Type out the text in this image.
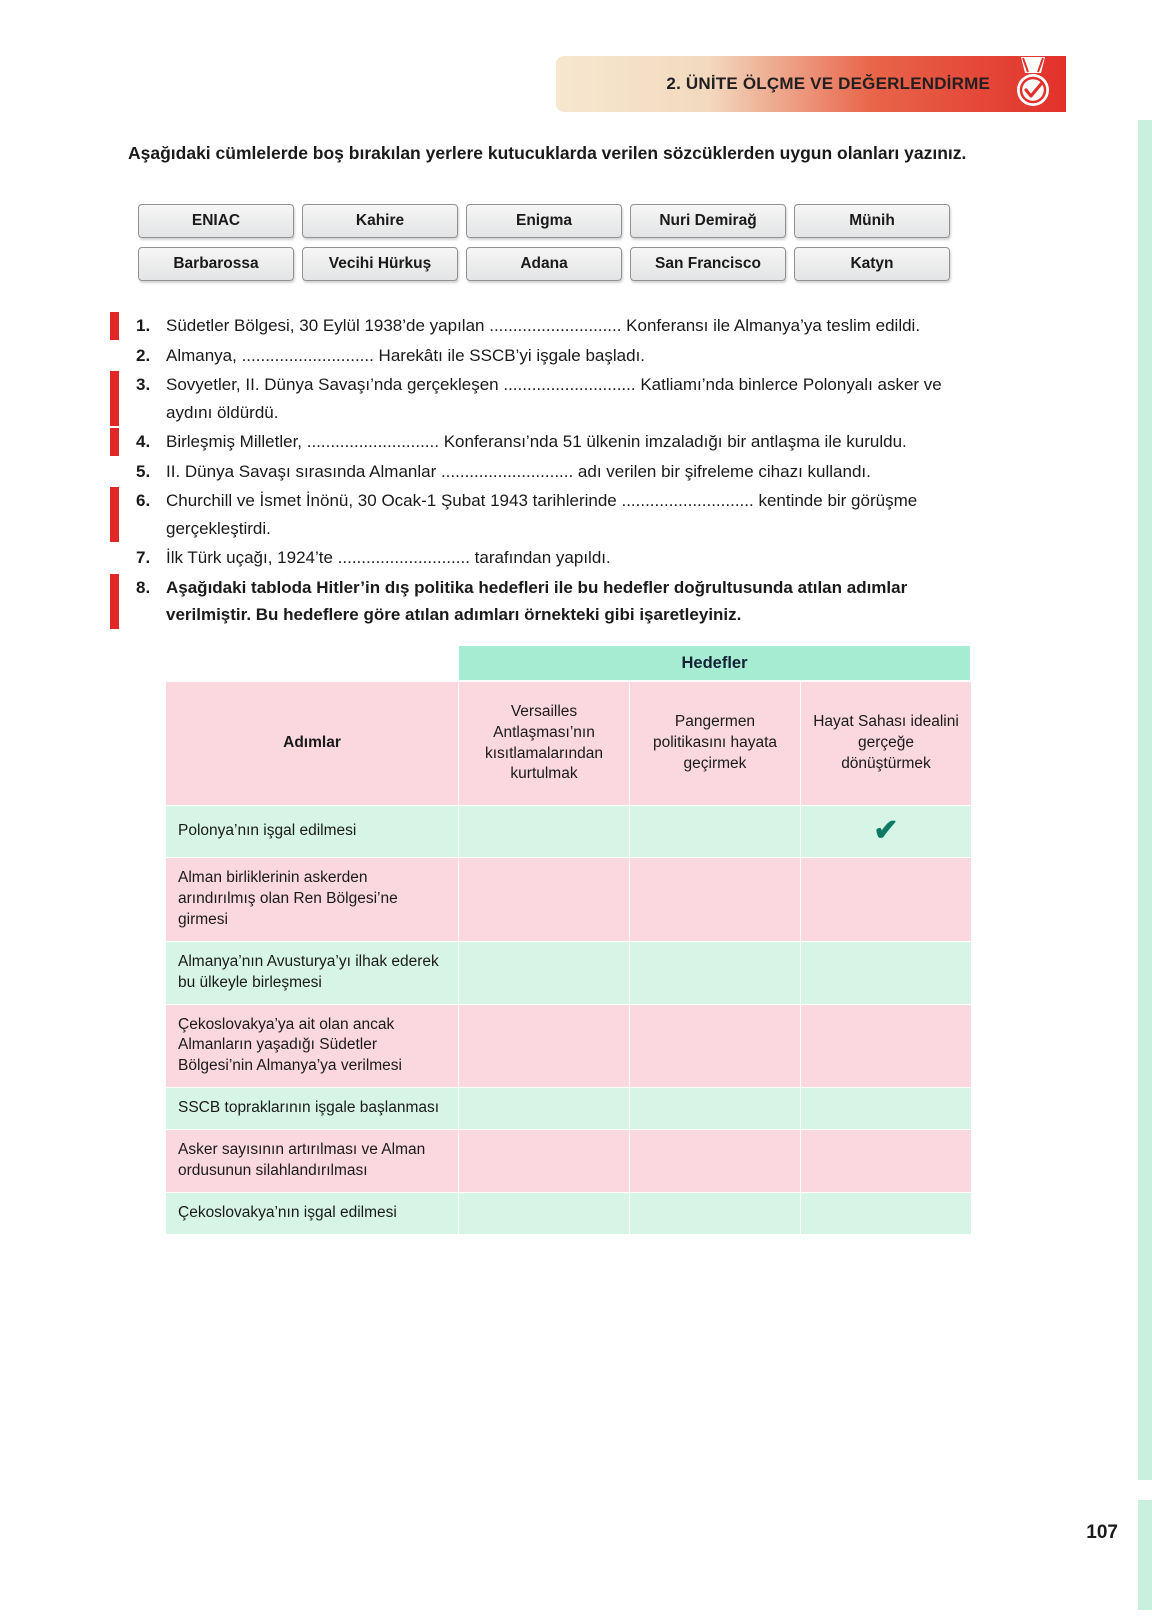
2. ÜNİTE ÖLÇME VE DEĞERLENDİRME
Aşağıdaki cümlelerde boş bırakılan yerlere kutucuklarda verilen sözcüklerden uygun olanları yazınız.
ENIAC	Kahire	Enigma	Nuri Demirağ	Münih
Barbarossa	Vecihi Hürkuş	Adana	San Francisco	Katyn
1. Südetler Bölgesi, 30 Eylül 1938’de yapılan ............................ Konferansı ile Almanya’ya teslim edildi.
2. Almanya, ............................ Harekâtı ile SSCB’yi işgale başladı.
3. Sovyetler, II. Dünya Savaşı’nda gerçekleşen ............................ Katliamı’nda binlerce Polonyalı asker ve aydını öldürdü.
4. Birleşmiş Milletler, ............................ Konferansı’nda 51 ülkenin imzaladığı bir antlaşma ile kuruldu.
5. II. Dünya Savaşı sırasında Almanlar ............................ adı verilen bir şifreleme cihazı kullandı.
6. Churchill ve İsmet İnönü, 30 Ocak-1 Şubat 1943 tarihlerinde ............................ kentinde bir görüşme gerçekleştirdi.
7. İlk Türk uçağı, 1924’te ............................ tarafından yapıldı.
8. Aşağıdaki tabloda Hitler’in dış politika hedefleri ile bu hedefler doğrultusunda atılan adımlar verilmiştir. Bu hedeflere göre atılan adımları örnekteki gibi işaretleyiniz.
Hedefler
Adımlar	Versailles Antlaşması’nın kısıtlamalarından kurtulmak	Pangermen politikasını hayata geçirmek	Hayat Sahası idealini gerçeğe dönüştürmek
Polonya’nın işgal edilmesi			✔
Alman birliklerinin askerden arındırılmış olan Ren Bölgesi’ne girmesi			
Almanya’nın Avusturya’yı ilhak ederek bu ülkeyle birleşmesi			
Çekoslovakya’ya ait olan ancak Almanların yaşadığı Südetler Bölgesi’nin Almanya’ya verilmesi			
SSCB topraklarının işgale başlanması			
Asker sayısının artırılması ve Alman ordusunun silahlandırılması			
Çekoslovakya’nın işgal edilmesi			
107
